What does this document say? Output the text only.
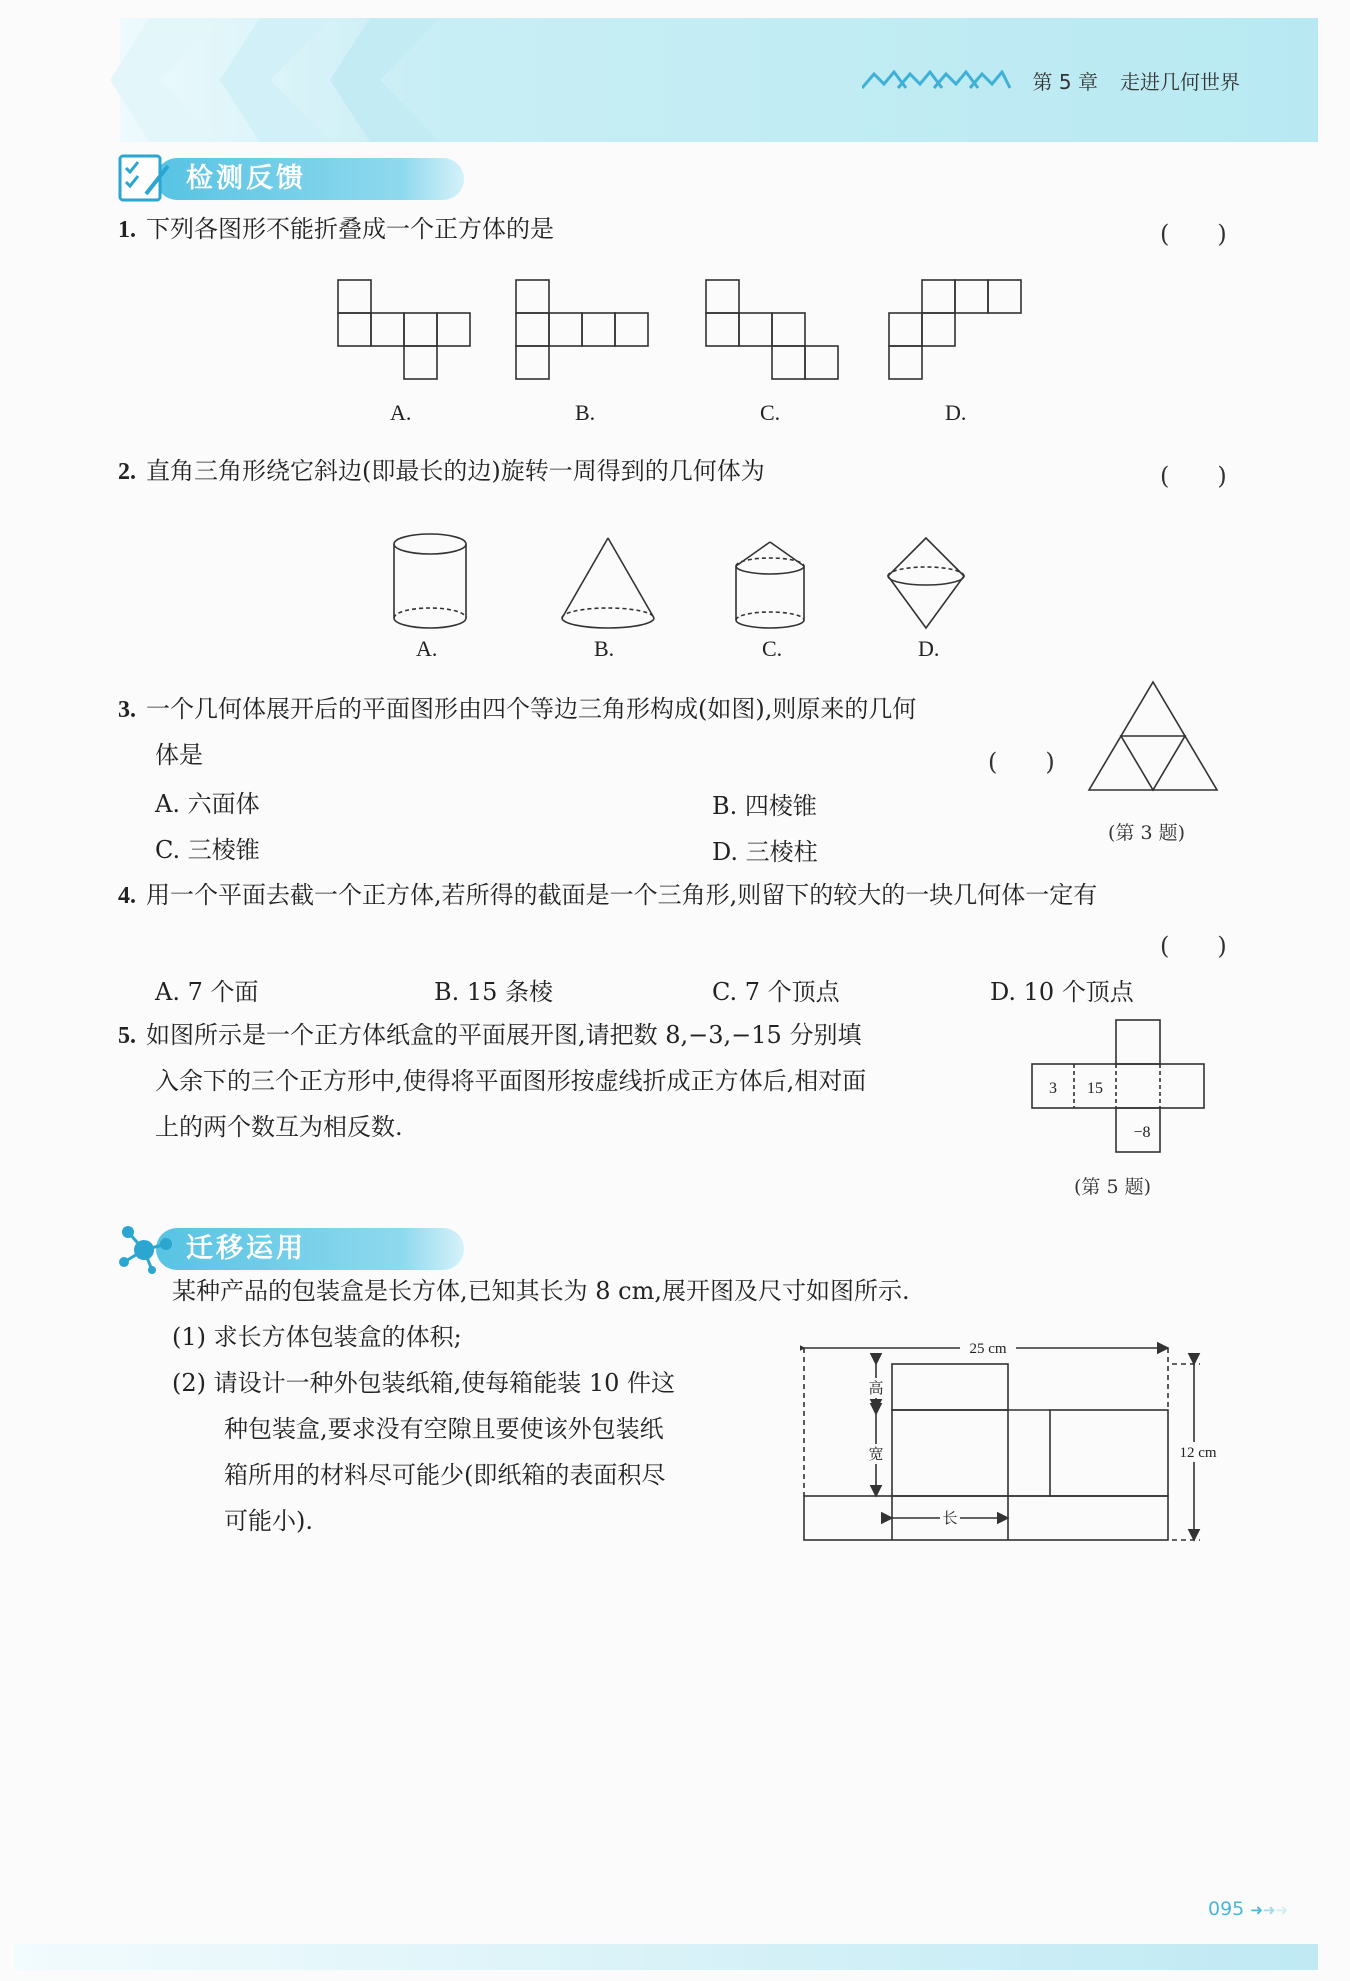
第 5 章 走进几何世界
检测反馈
1. 下列各图形不能折叠成一个正方体的是	(　　)
A.	B.	C.	D.
2. 直角三角形绕它斜边(即最长的边)旋转一周得到的几何体为	(　　)
A.	B.	C.	D.
3. 一个几何体展开后的平面图形由四个等边三角形构成(如图),则原来的几何
体是	(　　)
A. 六面体	B. 四棱锥
C. 三棱锥	D. 三棱柱
(第 3 题)
4. 用一个平面去截一个正方体,若所得的截面是一个三角形,则留下的较大的一块几何体一定有
(　　)
A. 7 个面	B. 15 条棱	C. 7 个顶点	D. 10 个顶点
5. 如图所示是一个正方体纸盒的平面展开图,请把数 8,−3,−15 分别填
入余下的三个正方形中,使得将平面图形按虚线折成正方体后,相对面
上的两个数互为相反数.
3 15
−8
(第 5 题)
迁移运用
某种产品的包装盒是长方体,已知其长为 8 cm,展开图及尺寸如图所示.
(1) 求长方体包装盒的体积;
(2) 请设计一种外包装纸箱,使每箱能装 10 件这
种包装盒,要求没有空隙且要使该外包装纸
箱所用的材料尽可能少(即纸箱的表面积尽
可能小).
25 cm
12 cm
高
宽
长
095 ➜➜➜
